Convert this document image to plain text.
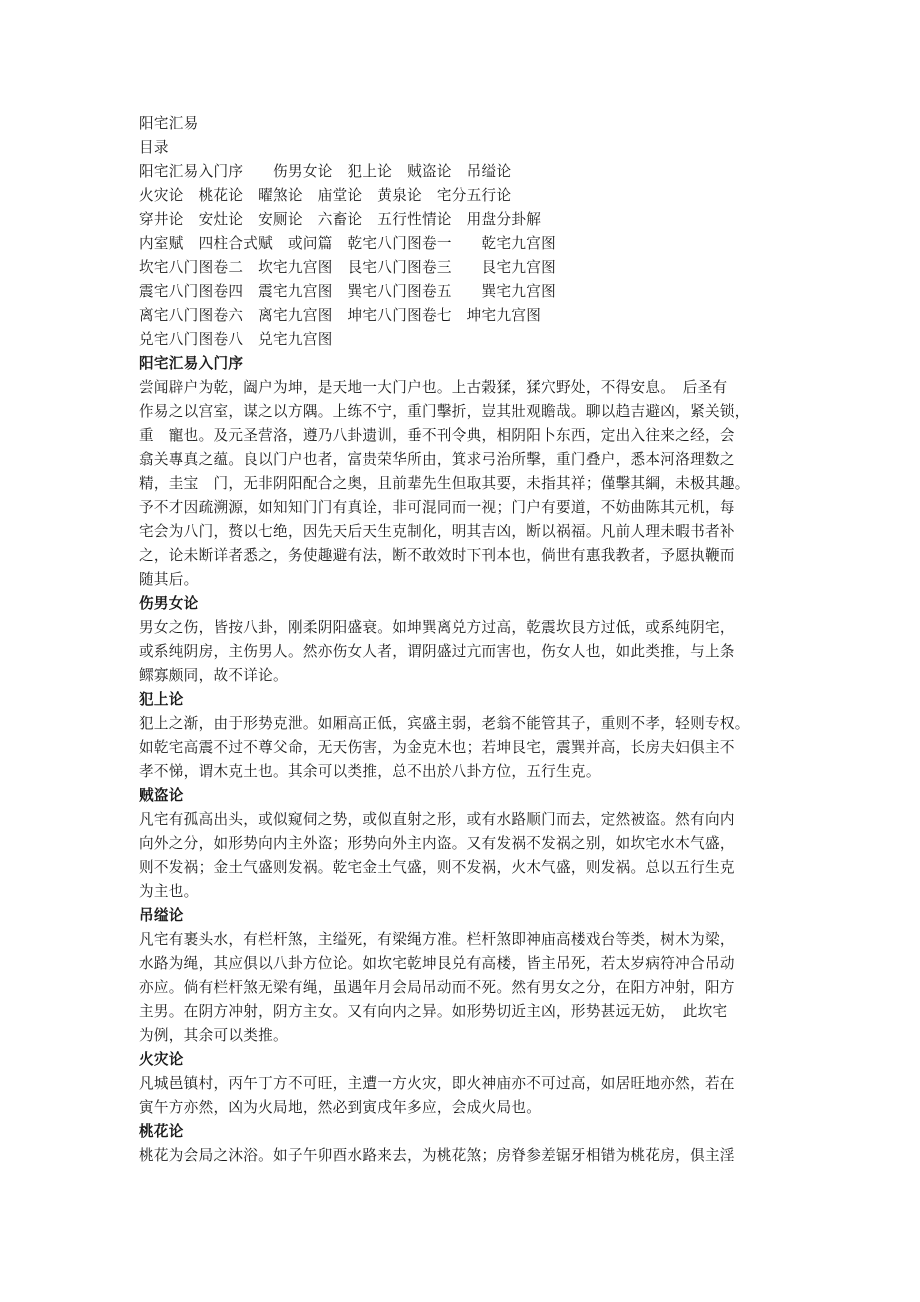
阳宅汇易
目录
阳宅汇易入门序　　伤男女论　犯上论　贼盗论　吊缢论
火灾论　桃花论　曜煞论　庙堂论　黄泉论　宅分五行论
穿井论　安灶论　安厕论　六畜论　五行性情论　用盘分卦解
内室赋　四柱合式赋　或问篇　乾宅八门图卷一　　乾宅九宫图
坎宅八门图卷二　坎宅九宫图　艮宅八门图卷三　　艮宅九宫图
震宅八门图卷四　震宅九宫图　巽宅八门图卷五　　巽宅九宫图
离宅八门图卷六　离宅九宫图　坤宅八门图卷七　坤宅九宫图
兑宅八门图卷八　兑宅九宫图
阳宅汇易入门序
尝闻辟户为乾，阖户为坤，是天地一大门户也。上古榖猱，猱穴野处，不得安息。　后圣有
作易之以宫室，谋之以方隅。上练不宁，重门擊折，豈其壯观瞻哉。聊以趋吉避凶，紧关锁，
重　寵也。及元圣营洛，遵乃八卦遗训，垂不刊令典，相阴阳卜东西，定出入往来之经，会
翕关專真之蕴。良以门户也者，富贵荣华所由，箕求弓治所擊，重门叠户，悉本河洛理数之
精，圭宝　门，无非阴阳配合之奥，且前辈先生但取其要，未指其祥；僅擊其綱，未极其趣。
予不才因疏溯源，如知知门门有真诠，非可混同而一视；门户有要道，不妨曲陈其元机，每
宅会为八门，赘以七绝，因先天后天生克制化，明其吉凶，断以祸福。凡前人理未暇书者补
之，论未断详者悉之，务使趣避有法，断不敢效时下刊本也，倘世有惠我教者，予愿执鞭而
随其后。
伤男女论
男女之伤，皆按八卦，刚柔阴阳盛衰。如坤巽离兑方过高，乾震坎艮方过低，或系纯阴宅，
或系纯阴房，主伤男人。然亦伤女人者，谓阴盛过亢而害也，伤女人也，如此类推，与上条
鳏寡颇同，故不详论。
犯上论
犯上之渐，由于形势克泄。如厢高正低，宾盛主弱，老翁不能管其子，重则不孝，轻则专权。
如乾宅高震不过不尊父命，无天伤害，为金克木也；若坤艮宅，震巽并高，长房夫妇俱主不
孝不悌，谓木克土也。其余可以类推，总不出於八卦方位，五行生克。
贼盗论
凡宅有孤高出头，或似窥伺之势，或似直射之形，或有水路顺门而去，定然被盗。然有向内
向外之分，如形势向内主外盗；形势向外主内盗。又有发祸不发祸之别，如坎宅水木气盛，
则不发祸；金土气盛则发祸。乾宅金土气盛，则不发祸，火木气盛，则发祸。总以五行生克
为主也。
吊缢论
凡宅有裹头水，有栏杆煞，主缢死，有梁绳方准。栏杆煞即神庙高楼戏台等类，树木为梁，
水路为绳，其应俱以八卦方位论。如坎宅乾坤艮兑有高楼，皆主吊死，若太岁病符冲合吊动
亦应。倘有栏杆煞无梁有绳，虽遇年月会局吊动而不死。然有男女之分，在阳方冲射，阳方
主男。在阴方冲射，阴方主女。又有向内之异。如形势切近主凶，形势甚远无妨，　此坎宅
为例，其余可以类推。
火灾论
凡城邑镇村，丙午丁方不可旺，主遭一方火灾，即火神庙亦不可过高，如居旺地亦然，若在
寅午方亦然，凶为火局地，然必到寅戌年多应，会成火局也。
桃花论
桃花为会局之沐浴。如子午卯酉水路来去，为桃花煞；房脊参差锯牙相错为桃花房，俱主淫
